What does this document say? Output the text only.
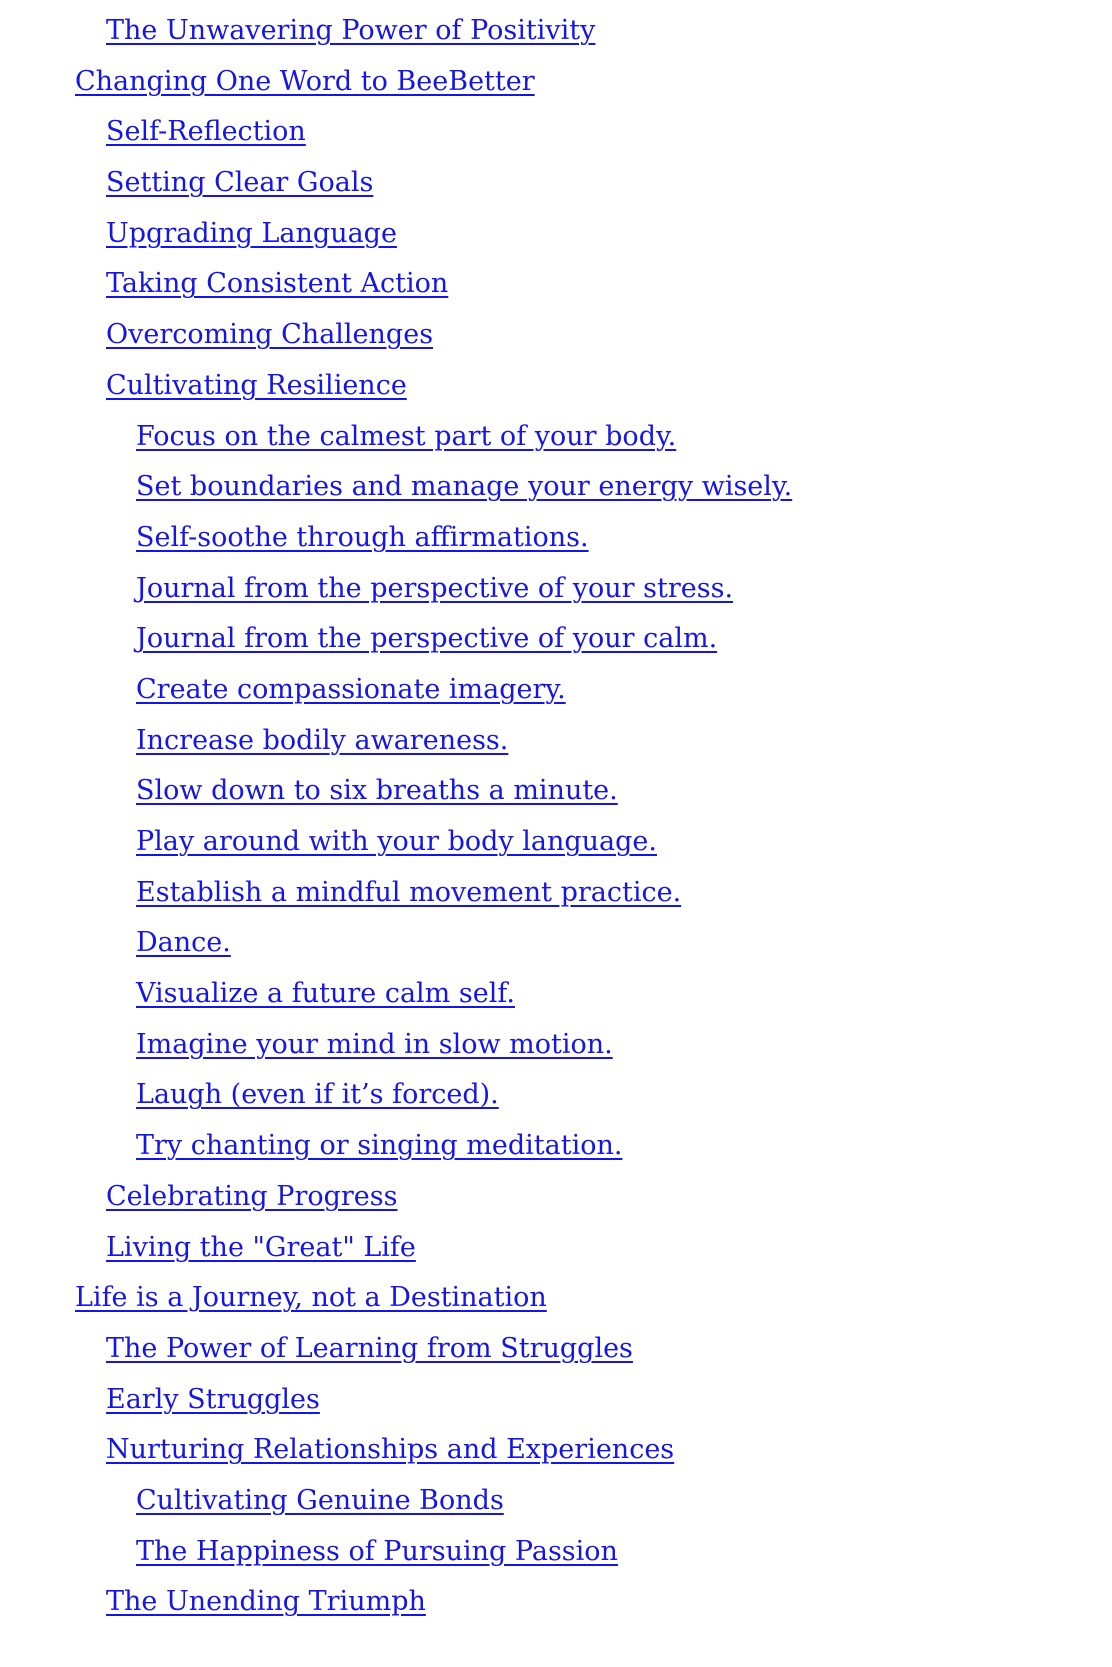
The Unwavering Power of Positivity
Changing One Word to BeeBetter
Self-Reflection
Setting Clear Goals
Upgrading Language
Taking Consistent Action
Overcoming Challenges
Cultivating Resilience
Focus on the calmest part of your body.
Set boundaries and manage your energy wisely.
Self-soothe through affirmations.
Journal from the perspective of your stress.
Journal from the perspective of your calm.
Create compassionate imagery.
Increase bodily awareness.
Slow down to six breaths a minute.
Play around with your body language.
Establish a mindful movement practice.
Dance.
Visualize a future calm self.
Imagine your mind in slow motion.
Laugh (even if it’s forced).
Try chanting or singing meditation.
Celebrating Progress
Living the "Great" Life
Life is a Journey, not a Destination
The Power of Learning from Struggles
Early Struggles
Nurturing Relationships and Experiences
Cultivating Genuine Bonds
The Happiness of Pursuing Passion
The Unending Triumph
